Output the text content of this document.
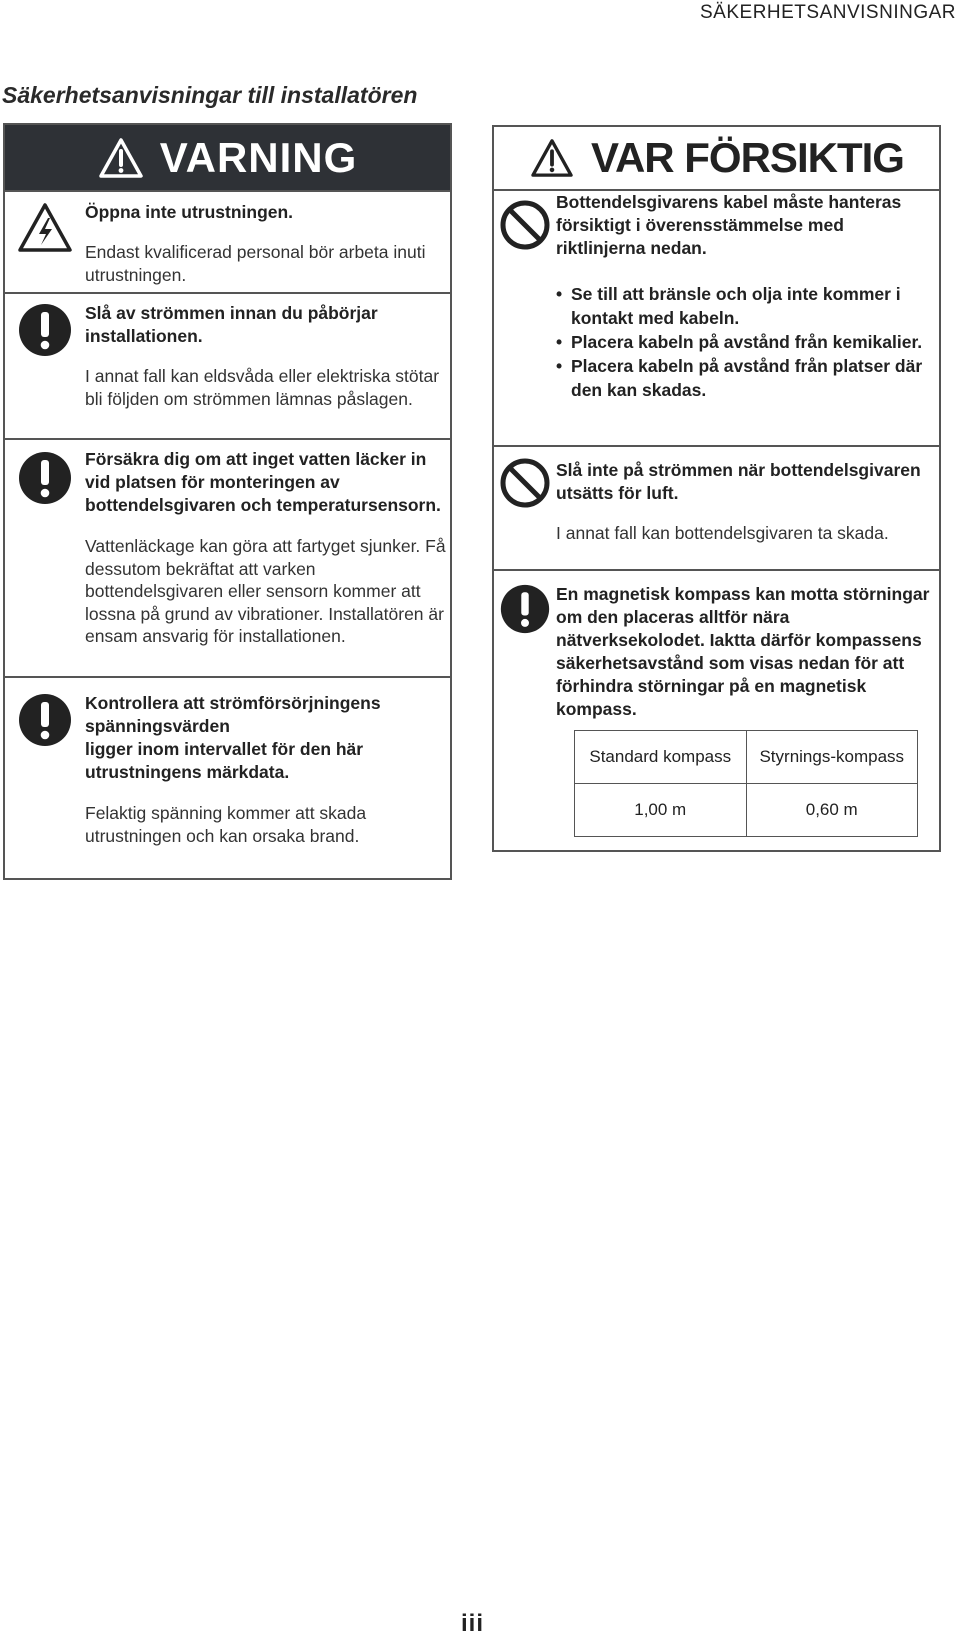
SÄKERHETSANVISNINGAR
Säkerhetsanvisningar till installatören
VARNING

Öppna inte utrustningen.

Endast kvalificerad personal bör arbeta inuti utrustningen.

Slå av strömmen innan du påbörjar installationen.

I annat fall kan eldsvåda eller elektriska stötar bli följden om strömmen lämnas påslagen.

Försäkra dig om att inget vatten läcker in vid platsen för monteringen av bottendelsgivaren och temperatursensorn.

Vattenläckage kan göra att fartyget sjunker. Få dessutom bekräftat att varken bottendelsgivaren eller sensorn kommer att lossna på grund av vibrationer. Installatören är ensam ansvarig för installationen.

Kontrollera att strömförsörjningens

spänningsvärden

ligger inom intervallet för den här

utrustningens märkdata.

Felaktig spänning kommer att skada utrustningen och kan orsaka brand.

VAR FÖRSIKTIG

Bottendelsgivarens kabel måste hanteras försiktigt i överensstämmelse med riktlinjerna nedan.

• Se till att bränsle och olja inte kommer i kontakt med kabeln.
• Placera kabeln på avstånd från kemikalier.
• Placera kabeln på avstånd från platser där den kan skadas.

Slå inte på strömmen när bottendelsgivaren utsätts för luft.

I annat fall kan bottendelsgivaren ta skada.

En magnetisk kompass kan motta störningar om den placeras alltför nära nätverksekolodet. Iaktta därför kompassens säkerhetsavstånd som visas nedan för att förhindra störningar på en magnetisk kompass.

Standard kompass	Styrnings-kompass
1,00 m	0,60 m
iii
